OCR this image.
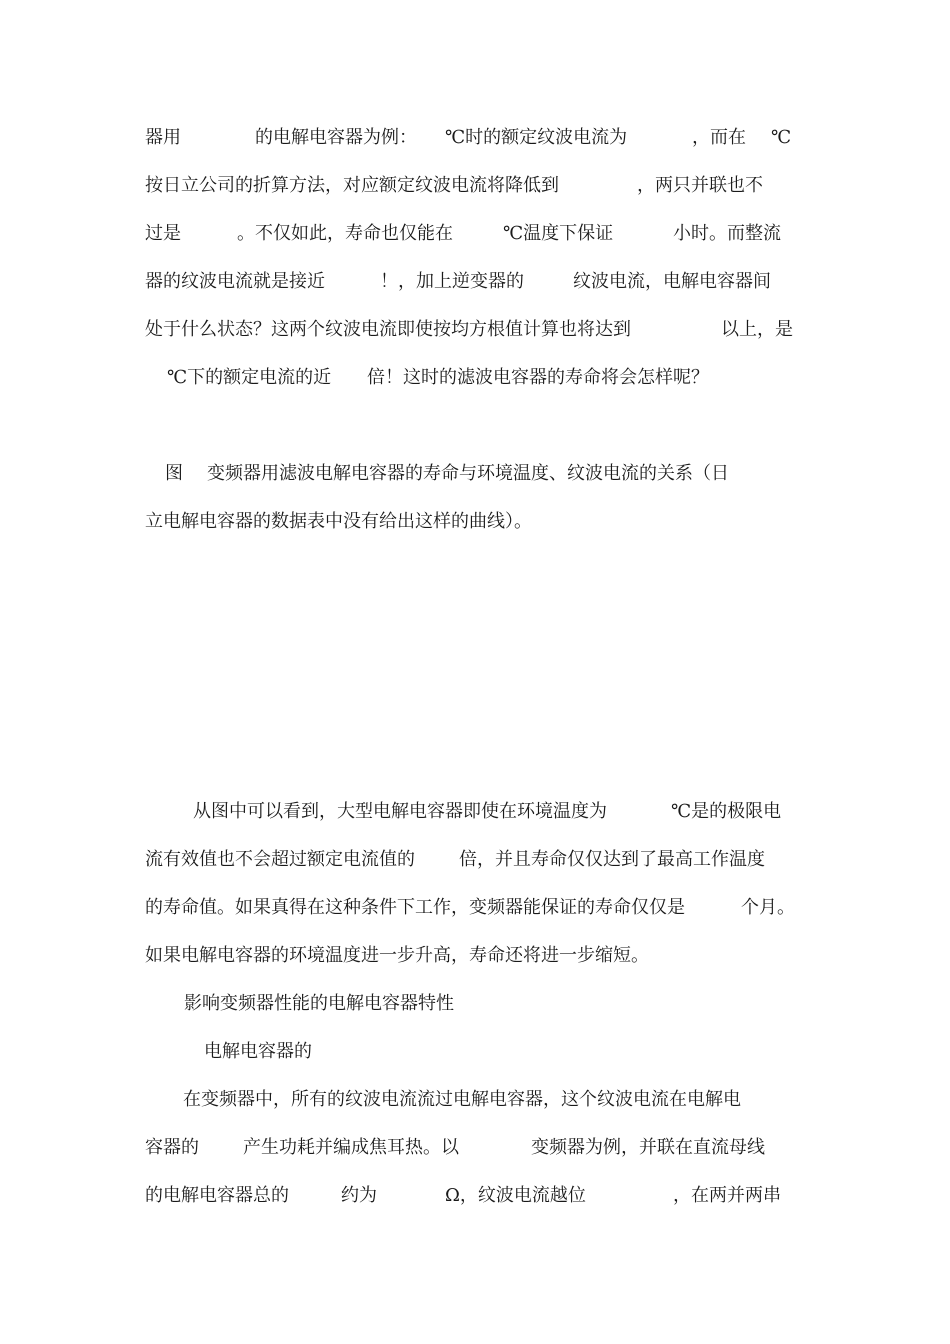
器用	的电解电容器为例： ℃时的额定纹波电流为	，而在 ℃
按日立公司的折算方法，对应额定纹波电流将降低到	，两只并联也不
过是	。不仅如此，寿命也仅能在	℃温度下保证	小时。而整流
器的纹波电流就是接近	！，加上逆变器的	纹波电流，电解电容器间
处于什么状态？这两个纹波电流即使按均方根值计算也将达到	以上，是
℃下的额定电流的近 倍！这时的滤波电容器的寿命将会怎样呢？
图 变频器用滤波电解电容器的寿命与环境温度、纹波电流的关系（日
立电解电容器的数据表中没有给出这样的曲线）。
从图中可以看到，大型电解电容器即使在环境温度为	℃是的极限电
流有效值也不会超过额定电流值的 倍，并且寿命仅仅达到了最高工作温度
的寿命值。如果真得在这种条件下工作，变频器能保证的寿命仅仅是	个月。
如果电解电容器的环境温度进一步升高，寿命还将进一步缩短。
影响变频器性能的电解电容器特性
电解电容器的
在变频器中，所有的纹波电流流过电解电容器，这个纹波电流在电解电
容器的 产生功耗并编成焦耳热。以	变频器为例，并联在直流母线
的电解电容器总的	约为	Ω，纹波电流越位	，在两并两串
